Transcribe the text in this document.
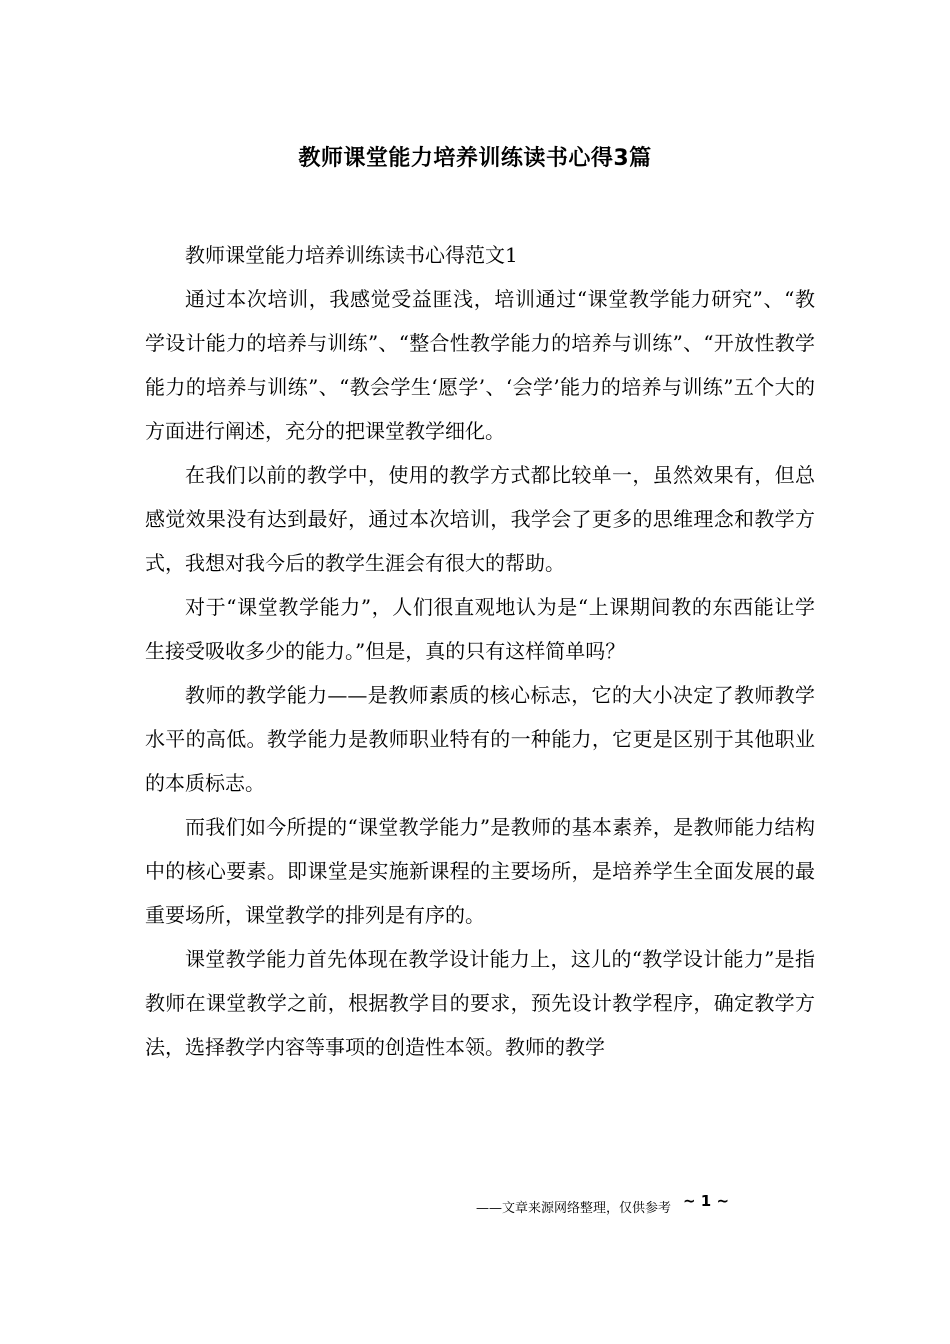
教师课堂能力培养训练读书心得3篇

教师课堂能力培养训练读书心得范文1

通过本次培训，我感觉受益匪浅，培训通过“课堂教学能力研究”、“教学设计能力的培养与训练”、“整合性教学能力的培养与训练”、“开放性教学能力的培养与训练”、“教会学生‘愿学’、‘会学’能力的培养与训练”五个大的方面进行阐述，充分的把课堂教学细化。

在我们以前的教学中，使用的教学方式都比较单一，虽然效果有，但总感觉效果没有达到最好，通过本次培训，我学会了更多的思维理念和教学方式，我想对我今后的教学生涯会有很大的帮助。

对于“课堂教学能力”，人们很直观地认为是“上课期间教的东西能让学生接受吸收多少的能力。”但是，真的只有这样简单吗？

教师的教学能力——是教师素质的核心标志，它的大小决定了教师教学水平的高低。教学能力是教师职业特有的一种能力，它更是区别于其他职业的本质标志。

而我们如今所提的“课堂教学能力”是教师的基本素养，是教师能力结构中的核心要素。即课堂是实施新课程的主要场所，是培养学生全面发展的最重要场所，课堂教学的排列是有序的。

课堂教学能力首先体现在教学设计能力上，这儿的“教学设计能力”是指教师在课堂教学之前，根据教学目的要求，预先设计教学程序，确定教学方法，选择教学内容等事项的创造性本领。教师的教学

——文章来源网络整理，仅供参考 ~ 1 ~
